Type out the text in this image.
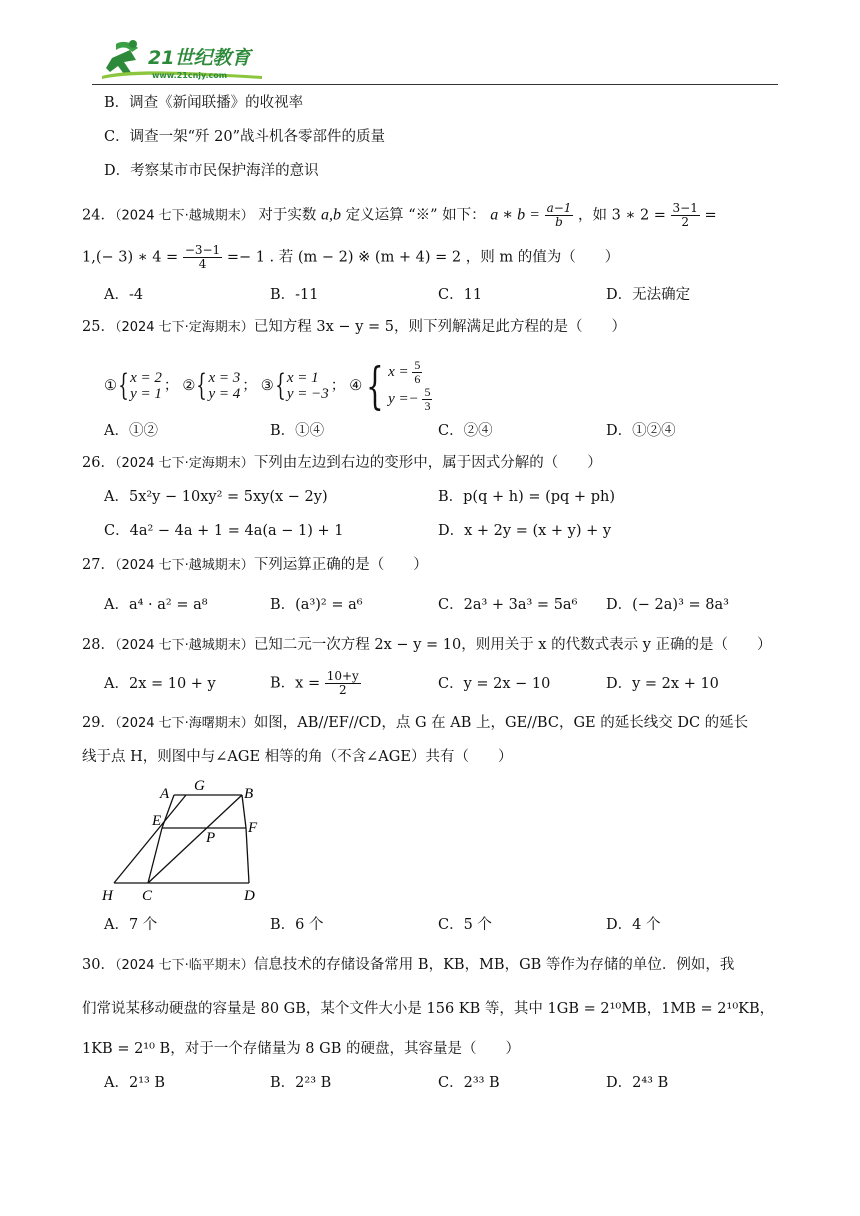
21世纪教育
www.21cnjy.com
B．调查《新闻联播》的收视率
C．调查一架“歼 20”战斗机各零部件的质量
D．考察某市市民保护海洋的意识
24．（2024 七下·越城期末） 对于实数 a,b 定义运算 “※” 如下： a ∗ $b = \frac{a-1}{b}$ ，如 3 ∗ $2 = \frac{3-1}{2}$ =
1,(− 3) ∗ $4 = \frac{-3-1}{4} =- 1$ . 若 (m − 2) ※ (m + 4) = 2 ，则 m 的值为（　　）
A．-4	B．-11	C．11	D．无法确定
25．（2024 七下·定海期末）已知方程 3x − y = 5，则下列解满足此方程的是（　　）
① { x = 2
y = 1 ； ② { x = 3
y = 4 ； ③ { x = 1
y = −3 ； ④ { $x = \frac{5}{6}$
$y =- \frac{5}{3}$
A．①②	B．①④	C．②④	D．①②④
26．（2024 七下·定海期末）下列由左边到右边的变形中，属于因式分解的（　　）
A．5x²y − 10xy² = 5xy(x − 2y)	B．p(q + h) = (pq + ph)
C．4a² − 4a + 1 = 4a(a − 1) + 1	D．x + 2y = (x + y) + y
27．（2024 七下·越城期末）下列运算正确的是（　　）
A．a⁴ · a² = a⁸	B．(a³)² = a⁶	C．2a³ + 3a³ = 5a⁶ D．(− 2a)³ = 8a³
28．（2024 七下·越城期末）已知二元一次方程 2x − y = 10，则用关于 x 的代数式表示 y 正确的是（　　）
A．2x = 10 + y	B．$x = \frac{10+y}{2}$	C．y = 2x − 10	D．y = 2x + 10
29．（2024 七下·海曙期末）如图，AB//EF//CD，点 G 在 AB 上，GE//BC，GE 的延长线交 DC 的延长
线于点 H，则图中与∠AGE 相等的角（不含∠AGE）共有（　　）
A G	B
E	F
P
H C	D
A．7 个	B．6 个	C．5 个	D．4 个
30．（2024 七下·临平期末）信息技术的存储设备常用 B，KB，MB，GB 等作为存储的单位．例如，我
们常说某移动硬盘的容量是 80 GB，某个文件大小是 156 KB 等，其中 1GB = 2¹⁰MB，1MB = 2¹⁰KB，
1KB = 2¹⁰ B，对于一个存储量为 8 GB 的硬盘，其容量是（　　）
A．2¹³ B	B．2²³ B	C．2³³ B	D．2⁴³ B
